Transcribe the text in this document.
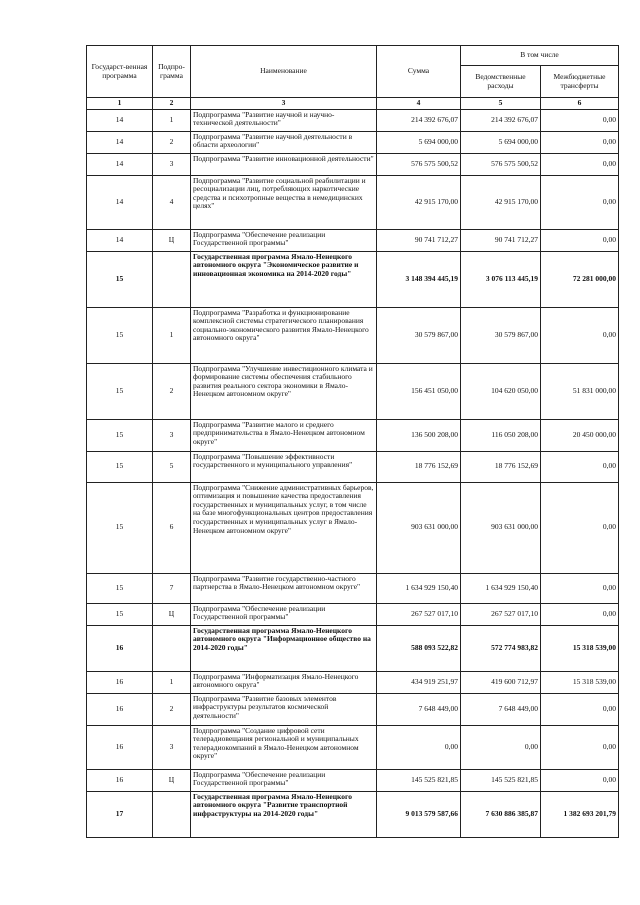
Государст-венная программа	Подпро-грамма	Наименование	Сумма	В том числе	
				Ведомственные расходы	Межбюджетные трансферты
1	2	3	4	5	6
14	1	Подпрограмма "Развитие научной и научно-технической деятельности"	214 392 676,07	214 392 676,07	0,00
14	2	Подпрограмма "Развитие научной деятельности в области археологии"	5 694 000,00	5 694 000,00	0,00
14	3	Подпрограмма "Развитие инновационной деятельности"	576 575 500,52	576 575 500,52	0,00
14	4	Подпрограмма "Развитие социальной реабилитации и ресоциализации лиц, потребляющих наркотические средства и психотропные вещества в немедицинских целях"	42 915 170,00	42 915 170,00	0,00
14	Ц	Подпрограмма "Обеспечение реализации Государственной программы"	90 741 712,27	90 741 712,27	0,00
15		Государственная программа Ямало-Ненецкого автономного округа "Экономическое развитие и инновационная экономика на 2014-2020 годы"	3 148 394 445,19	3 076 113 445,19	72 281 000,00
15	1	Подпрограмма "Разработка и функционирование комплексной системы стратегического планирования социально-экономического развития Ямало-Ненецкого автономного округа"	30 579 867,00	30 579 867,00	0,00
15	2	Подпрограмма "Улучшение инвестиционного климата и формирование системы обеспечения стабильного развития реального сектора экономики в Ямало-Ненецком автономном округе"	156 451 050,00	104 620 050,00	51 831 000,00
15	3	Подпрограмма "Развитие малого и среднего предпринимательства в Ямало-Ненецком автономном округе"	136 500 208,00	116 050 208,00	20 450 000,00
15	5	Подпрограмма "Повышение эффективности государственного и муниципального управления"	18 776 152,69	18 776 152,69	0,00
15	6	Подпрограмма "Снижение административных барьеров, оптимизация и повышение качества предоставления государственных и муниципальных услуг, в том числе на базе многофункциональных центров предоставления государственных и муниципальных услуг в Ямало-Ненецком автономном округе"	903 631 000,00	903 631 000,00	0,00
15	7	Подпрограмма "Развитие государственно-частного партнерства в Ямало-Ненецком автономном округе"	1 634 929 150,40	1 634 929 150,40	0,00
15	Ц	Подпрограмма "Обеспечение реализации Государственной программы"	267 527 017,10	267 527 017,10	0,00
16		Государственная программа Ямало-Ненецкого автономного округа "Информационное общество на 2014-2020 годы"	588 093 522,82	572 774 983,82	15 318 539,00
16	1	Подпрограмма "Информатизация Ямало-Ненецкого автономного округа"	434 919 251,97	419 600 712,97	15 318 539,00
16	2	Подпрограмма "Развитие базовых элементов инфраструктуры результатов космической деятельности"	7 648 449,00	7 648 449,00	0,00
16	3	Подпрограмма "Создание цифровой сети телерадиовещания региональной и муниципальных телерадиокомпаний в Ямало-Ненецком автономном округе"	0,00	0,00	0,00
16	Ц	Подпрограмма "Обеспечение реализации Государственной программы"	145 525 821,85	145 525 821,85	0,00
17		Государственная программа Ямало-Ненецкого автономного округа "Развитие транспортной инфраструктуры на 2014-2020 годы"	9 013 579 587,66	7 630 886 385,87	1 382 693 201,79
